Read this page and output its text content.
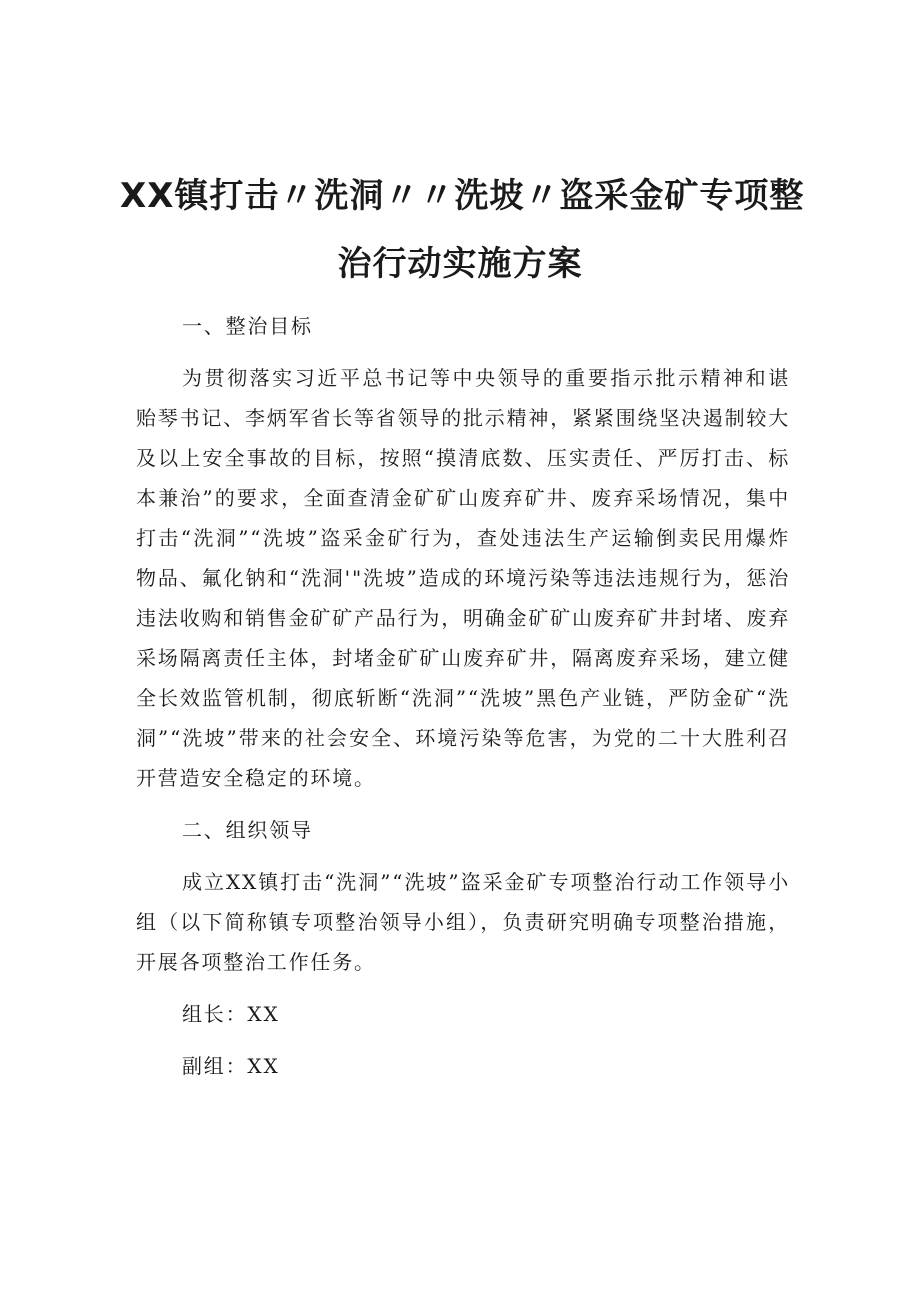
XX镇打击〃洗洞〃〃洗坡〃盗采金矿专项整
治行动实施方案

一、整治目标

为贯彻落实习近平总书记等中央领导的重要指示批示精神和谌贻琴书记、李炳军省长等省领导的批示精神，紧紧围绕坚决遏制较大及以上安全事故的目标，按照“摸清底数、压实责任、严厉打击、标本兼治”的要求，全面查清金矿矿山废弃矿井、废弃采场情况，集中打击“洗洞”“洗坡”盗采金矿行为，查处违法生产运输倒卖民用爆炸物品、氟化钠和“洗洞'"洗坡”造成的环境污染等违法违规行为，惩治违法收购和销售金矿矿产品行为，明确金矿矿山废弃矿井封堵、废弃采场隔离责任主体，封堵金矿矿山废弃矿井，隔离废弃采场，建立健全长效监管机制，彻底斩断“洗洞”“洗坡”黑色产业链，严防金矿“洗洞”“洗坡”带来的社会安全、环境污染等危害，为党的二十大胜利召开营造安全稳定的环境。

二、组织领导

成立XX镇打击“洗洞”“洗坡”盗采金矿专项整治行动工作领导小组（以下简称镇专项整治领导小组），负责研究明确专项整治措施，开展各项整治工作任务。

组长：XX

副组：XX
